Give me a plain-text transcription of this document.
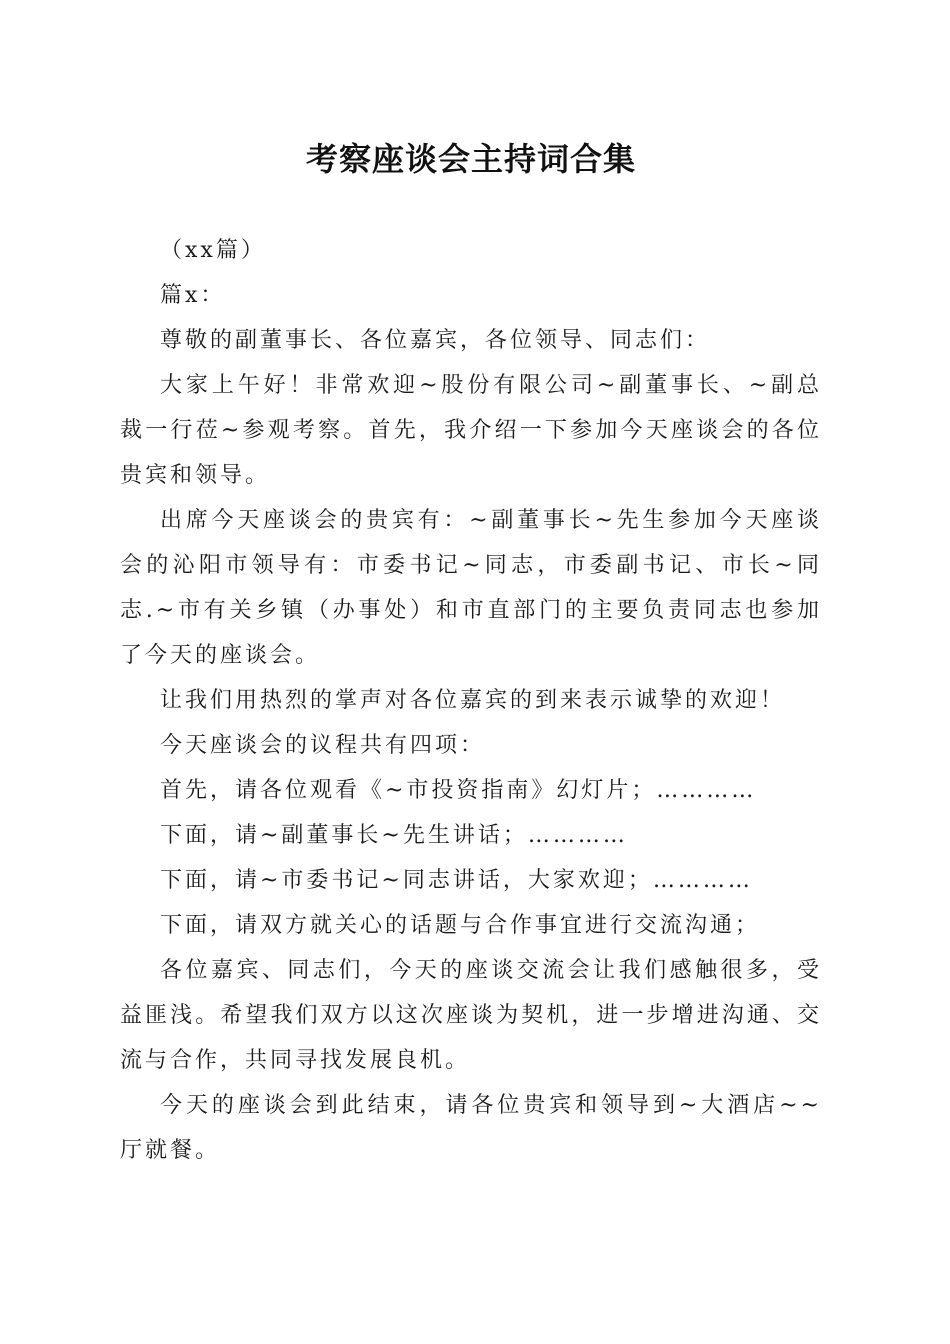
考察座谈会主持词合集

（xx篇）

篇x：

尊敬的副董事长、各位嘉宾，各位领导、同志们：

大家上午好！非常欢迎~股份有限公司~副董事长、~副总裁一行莅~参观考察。首先，我介绍一下参加今天座谈会的各位贵宾和领导。

出席今天座谈会的贵宾有：~副董事长~先生参加今天座谈会的沁阳市领导有：市委书记~同志，市委副书记、市长~同志.~市有关乡镇（办事处）和市直部门的主要负责同志也参加了今天的座谈会。

让我们用热烈的掌声对各位嘉宾的到来表示诚挚的欢迎！

今天座谈会的议程共有四项：

首先，请各位观看《~市投资指南》幻灯片；…………

下面，请~副董事长~先生讲话；…………

下面，请~市委书记~同志讲话，大家欢迎；…………

下面，请双方就关心的话题与合作事宜进行交流沟通；

各位嘉宾、同志们，今天的座谈交流会让我们感触很多，受益匪浅。希望我们双方以这次座谈为契机，进一步增进沟通、交流与合作，共同寻找发展良机。

今天的座谈会到此结束，请各位贵宾和领导到~大酒店~~厅就餐。
